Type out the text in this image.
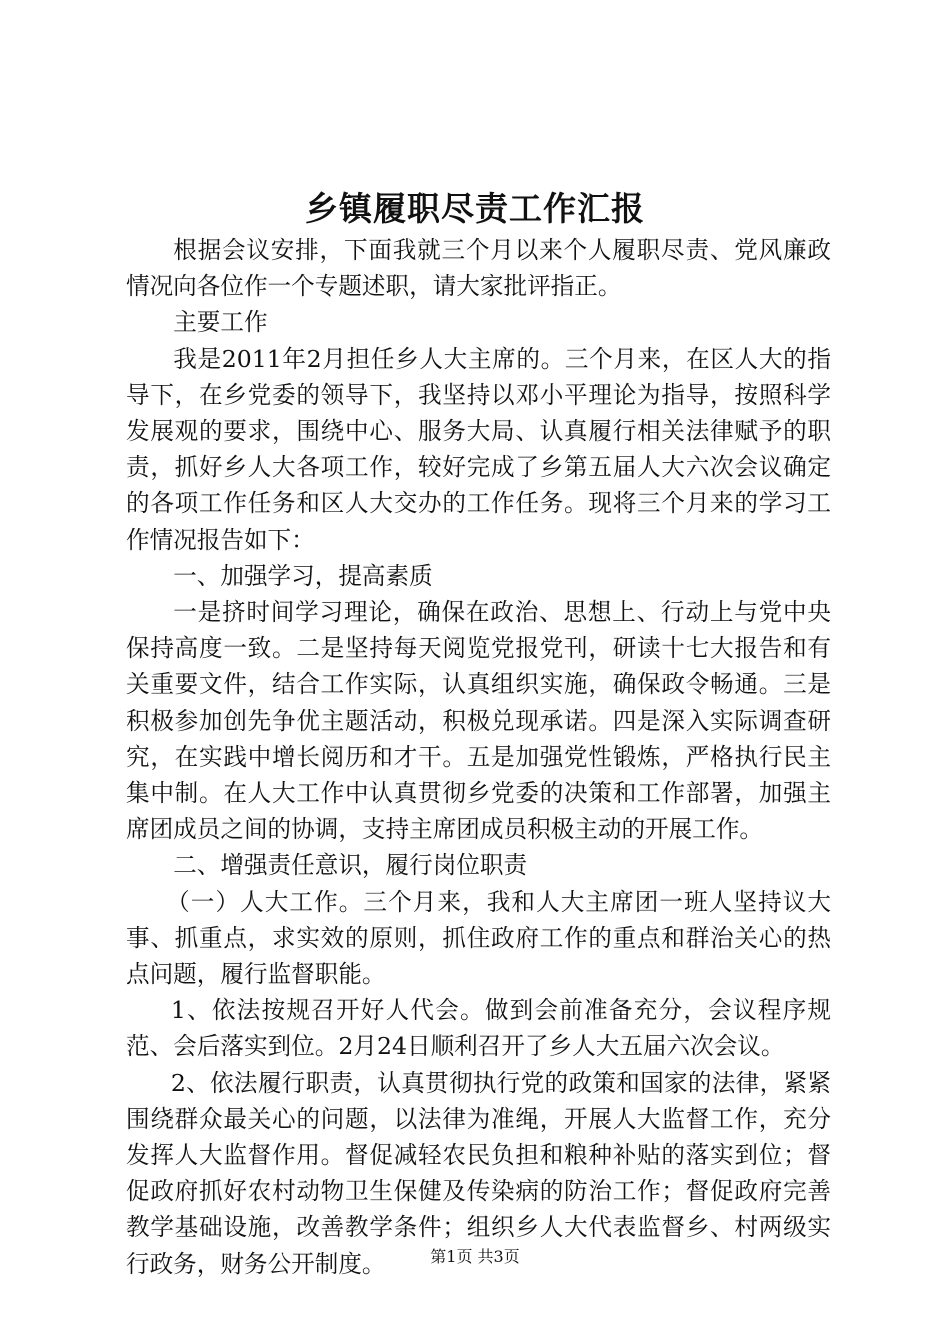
乡镇履职尽责工作汇报

根据会议安排，下面我就三个月以来个人履职尽责、党风廉政情况向各位作一个专题述职，请大家批评指正。

主要工作

我是2011年2月担任乡人大主席的。三个月来，在区人大的指导下，在乡党委的领导下，我坚持以邓小平理论为指导，按照科学发展观的要求，围绕中心、服务大局、认真履行相关法律赋予的职责，抓好乡人大各项工作，较好完成了乡第五届人大六次会议确定的各项工作任务和区人大交办的工作任务。现将三个月来的学习工作情况报告如下：

一、加强学习，提高素质

一是挤时间学习理论，确保在政治、思想上、行动上与党中央保持高度一致。二是坚持每天阅览党报党刊，研读十七大报告和有关重要文件，结合工作实际，认真组织实施，确保政令畅通。三是积极参加创先争优主题活动，积极兑现承诺。四是深入实际调查研究，在实践中增长阅历和才干。五是加强党性锻炼，严格执行民主集中制。在人大工作中认真贯彻乡党委的决策和工作部署，加强主席团成员之间的协调，支持主席团成员积极主动的开展工作。

二、增强责任意识，履行岗位职责

（一）人大工作。三个月来，我和人大主席团一班人坚持议大事、抓重点，求实效的原则，抓住政府工作的重点和群治关心的热点问题，履行监督职能。

1、依法按规召开好人代会。做到会前准备充分，会议程序规范、会后落实到位。2月24日顺利召开了乡人大五届六次会议。

2、依法履行职责，认真贯彻执行党的政策和国家的法律，紧紧围绕群众最关心的问题，以法律为准绳，开展人大监督工作，充分发挥人大监督作用。督促减轻农民负担和粮种补贴的落实到位；督促政府抓好农村动物卫生保健及传染病的防治工作；督促政府完善教学基础设施，改善教学条件；组织乡人大代表监督乡、村两级实行政务，财务公开制度。	第1页 共3页
